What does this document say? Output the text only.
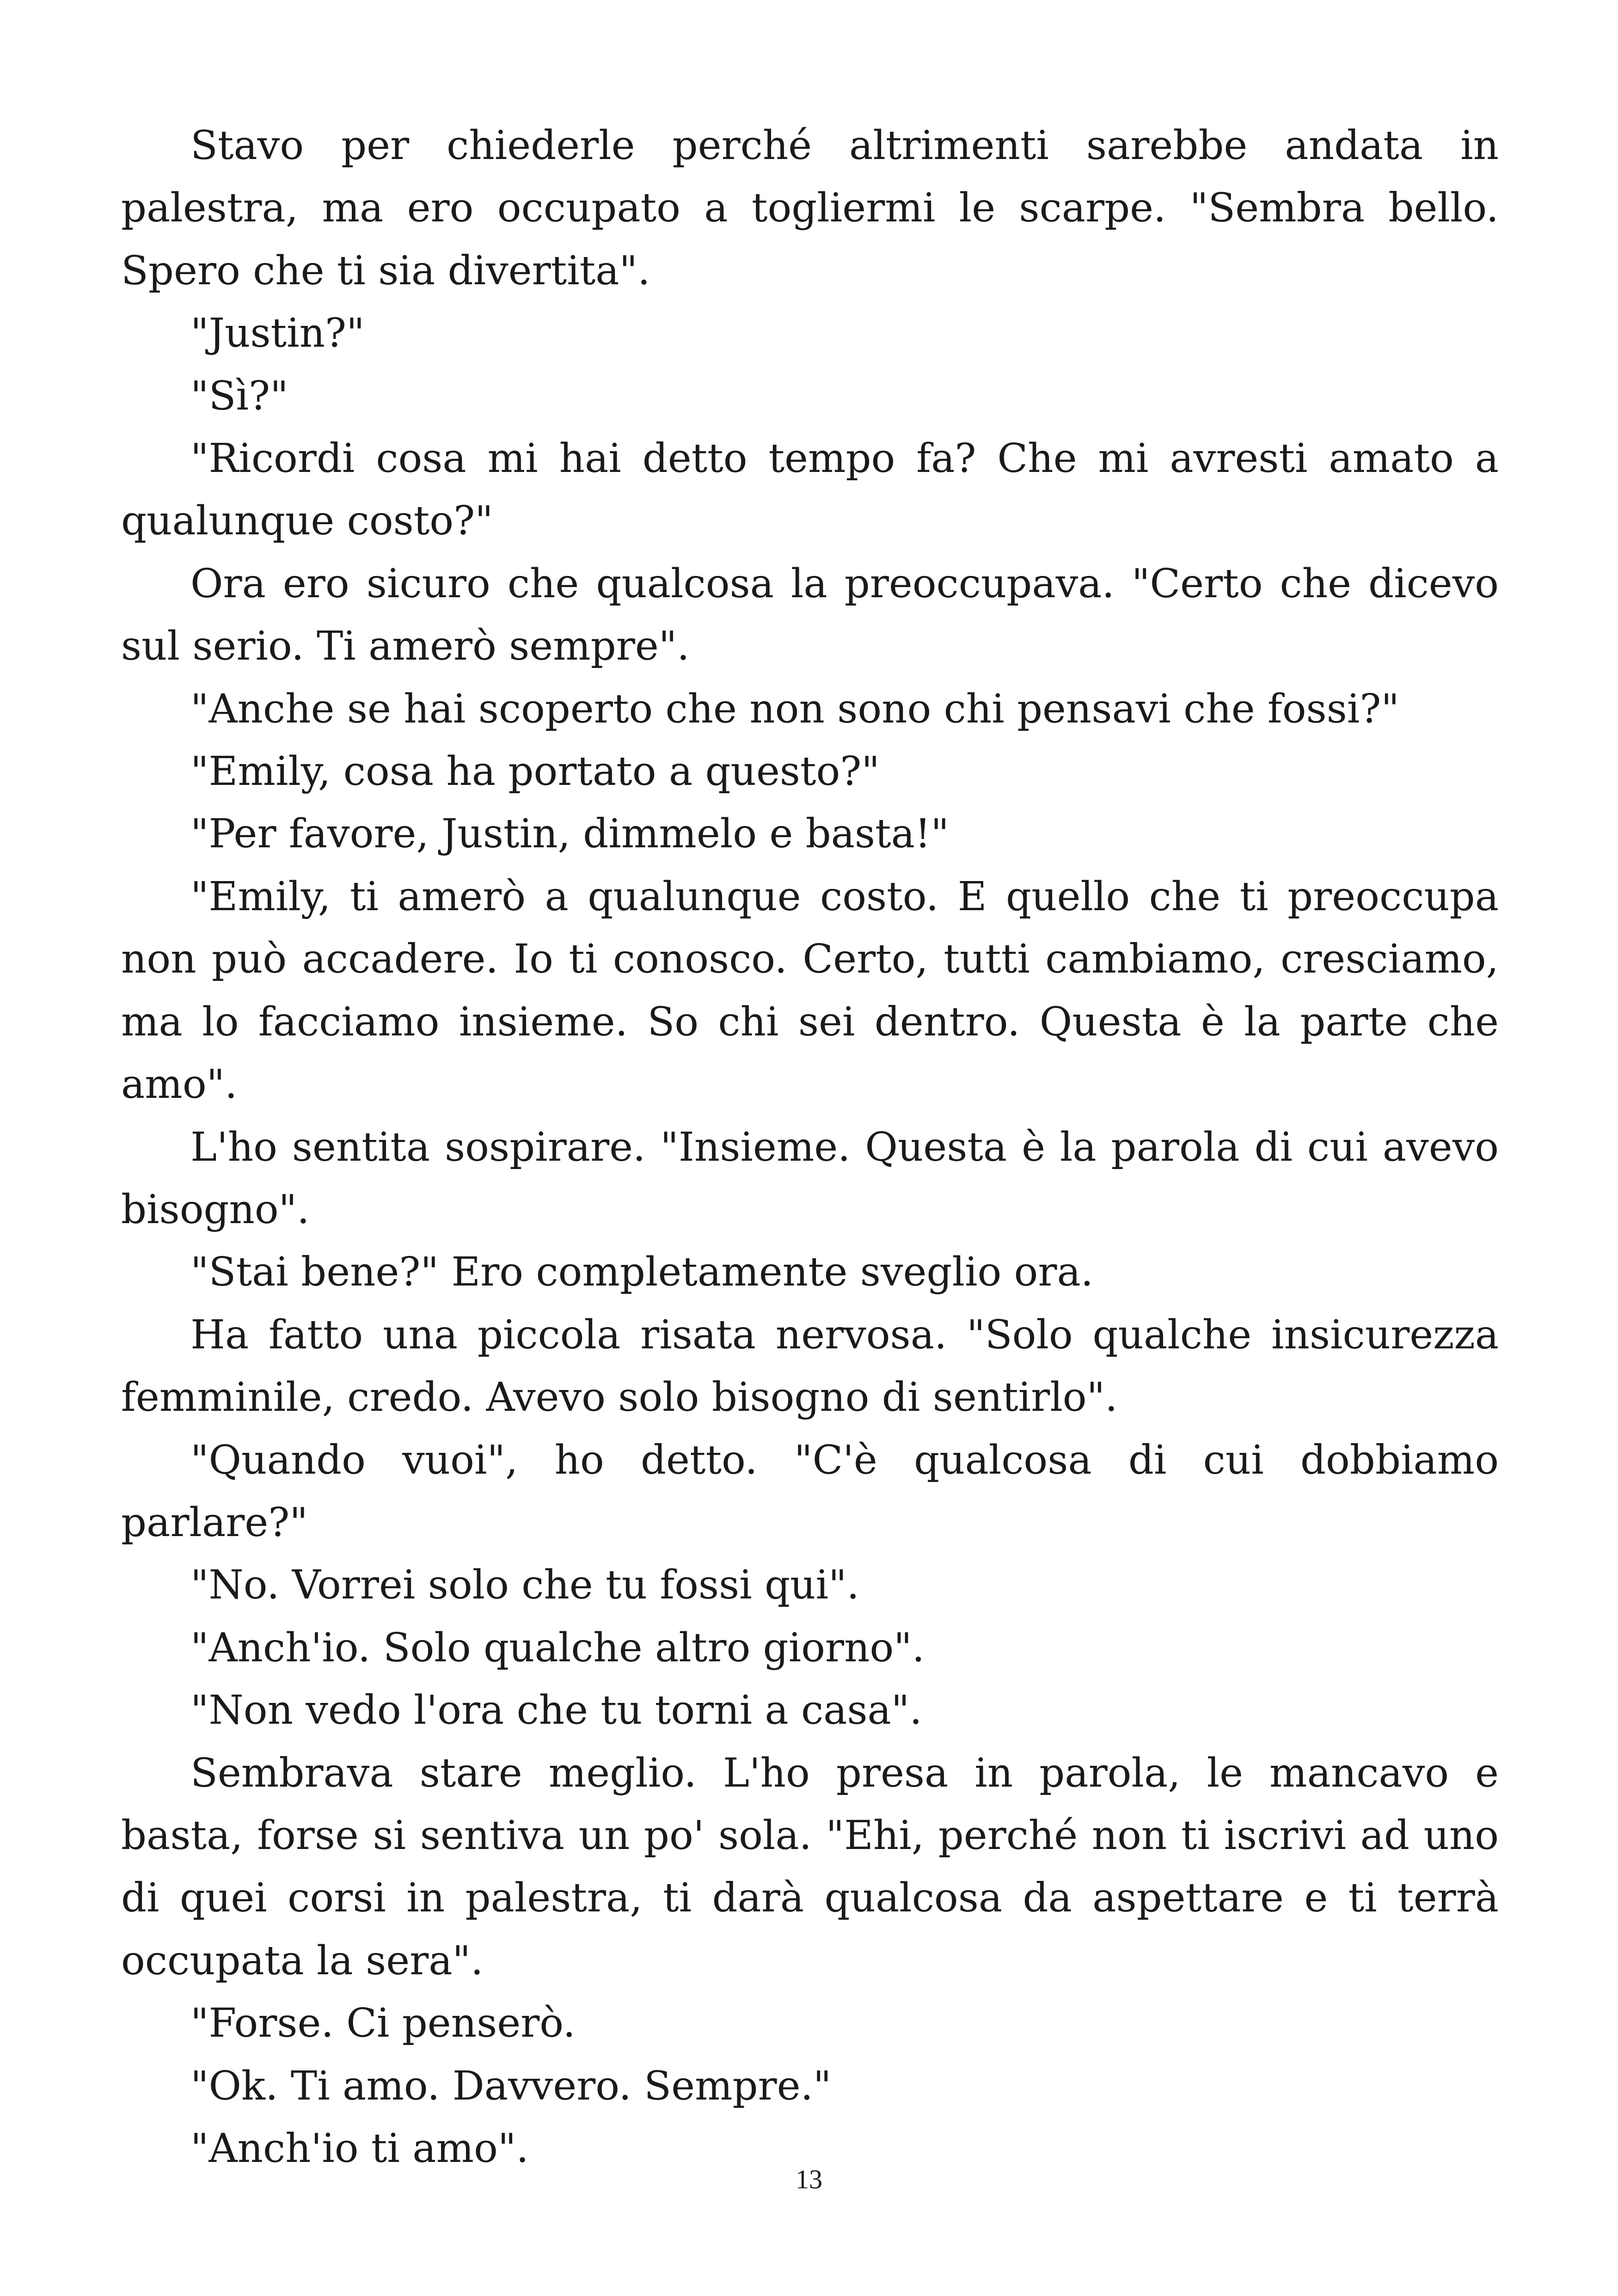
Stavo per chiederle perché altrimenti sarebbe andata in palestra, ma ero occupato a togliermi le scarpe. "Sembra bello. Spero che ti sia divertita".

"Justin?"

"Sì?"

"Ricordi cosa mi hai detto tempo fa? Che mi avresti amato a qualunque costo?"

Ora ero sicuro che qualcosa la preoccupava. "Certo che dicevo sul serio. Ti amerò sempre".

"Anche se hai scoperto che non sono chi pensavi che fossi?"

"Emily, cosa ha portato a questo?"

"Per favore, Justin, dimmelo e basta!"

"Emily, ti amerò a qualunque costo. E quello che ti preoccupa non può accadere. Io ti conosco. Certo, tutti cambiamo, cresciamo, ma lo facciamo insieme. So chi sei dentro. Questa è la parte che amo".

L'ho sentita sospirare. "Insieme. Questa è la parola di cui avevo bisogno".

"Stai bene?" Ero completamente sveglio ora.

Ha fatto una piccola risata nervosa. "Solo qualche insicurezza femminile, credo. Avevo solo bisogno di sentirlo".

"Quando vuoi", ho detto. "C'è qualcosa di cui dobbiamo parlare?"

"No. Vorrei solo che tu fossi qui".

"Anch'io. Solo qualche altro giorno".

"Non vedo l'ora che tu torni a casa".

Sembrava stare meglio. L'ho presa in parola, le mancavo e basta, forse si sentiva un po' sola. "Ehi, perché non ti iscrivi ad uno di quei corsi in palestra, ti darà qualcosa da aspettare e ti terrà occupata la sera".

"Forse. Ci penserò.

"Ok. Ti amo. Davvero. Sempre."

"Anch'io ti amo".

13
